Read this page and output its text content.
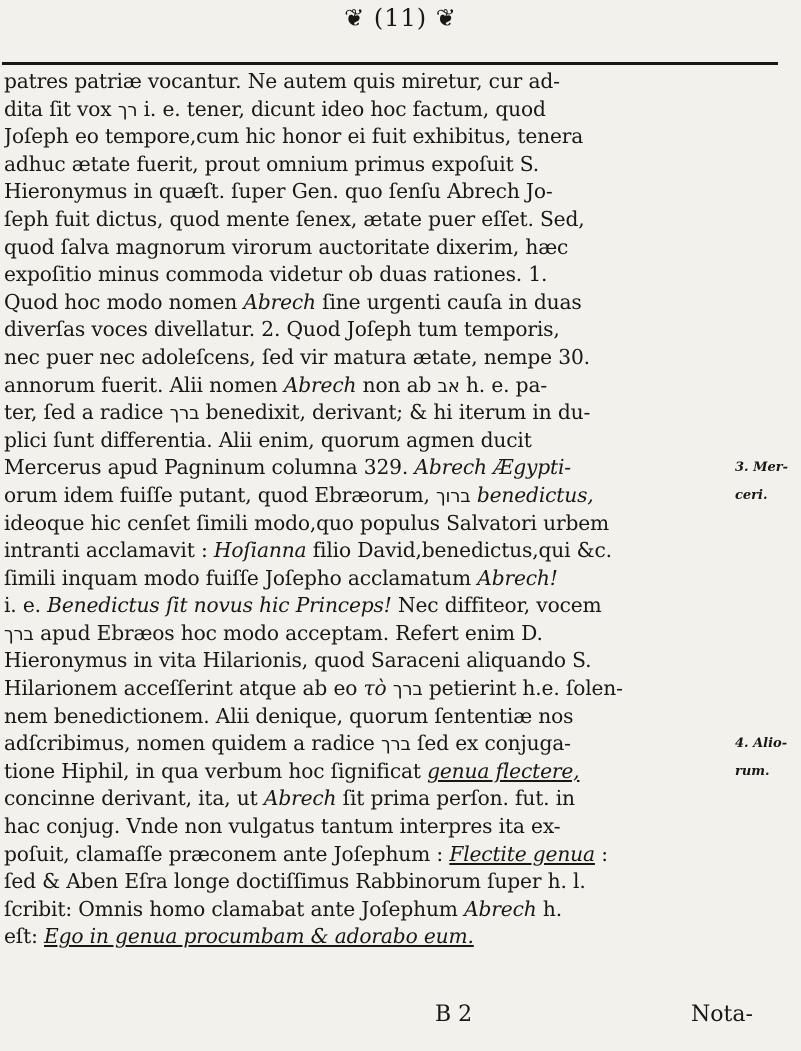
❦ (11) ❦
patres patriæ vocantur. Ne autem quis miretur, cur ad-
dita ſit vox רך i. e. tener, dicunt ideo hoc factum, quod
Joſeph eo tempore,cum hic honor ei fuit exhibitus, tenera
adhuc ætate fuerit, prout omnium primus expoſuit S.
Hieronymus in quæſt. ſuper Gen. quo ſenſu Abrech Jo-
ſeph fuit dictus, quod mente ſenex, ætate puer eſſet. Sed,
quod ſalva magnorum virorum auctoritate dixerim, hæc
expoſitio minus commoda videtur ob duas rationes. 1.
Quod hoc modo nomen Abrech ſine urgenti cauſa in duas
diverſas voces divellatur. 2. Quod Joſeph tum temporis,
nec puer nec adoleſcens, ſed vir matura ætate, nempe 30.
annorum fuerit. Alii nomen Abrech non ab אב h. e. pa-
ter, ſed a radice ברך benedixit, derivant; & hi iterum in du-
plici ſunt differentia. Alii enim, quorum agmen ducit
Mercerus apud Pagninum columna 329. Abrech Ægypti-
orum idem fuiſſe putant, quod Ebræorum, ברוך benedictus,
ideoque hic cenſet ſimili modo,quo populus Salvatori urbem
intranti acclamavit : Hoſianna filio David,benedictus,qui &c.
ſimili inquam modo fuiſſe Joſepho acclamatum Abrech!
i. e. Benedictus ſit novus hic Princeps! Nec diffiteor, vocem
ברך apud Ebræos hoc modo acceptam. Refert enim D.
Hieronymus in vita Hilarionis, quod Saraceni aliquando S.
Hilarionem acceſſerint atque ab eo τὸ ברך petierint h.e. ſolen-
nem benedictionem. Alii denique, quorum ſententiæ nos
adſcribimus, nomen quidem a radice ברך ſed ex conjuga-
tione Hiphil, in qua verbum hoc ſignificat genua flectere,
concinne derivant, ita, ut Abrech ſit prima perſon. fut. in
hac conjug. Vnde non vulgatus tantum interpres ita ex-
poſuit, clamaſſe præconem ante Joſephum : Flectite genua :
ſed & Aben Eſra longe doctiſſimus Rabbinorum ſuper h. l.
ſcribit: Omnis homo clamabat ante Joſephum Abrech h.
eſt: Ego in genua procumbam & adorabo eum.
3. Mer-
ceri.
4. Alio-
rum.
B 2	Nota-
